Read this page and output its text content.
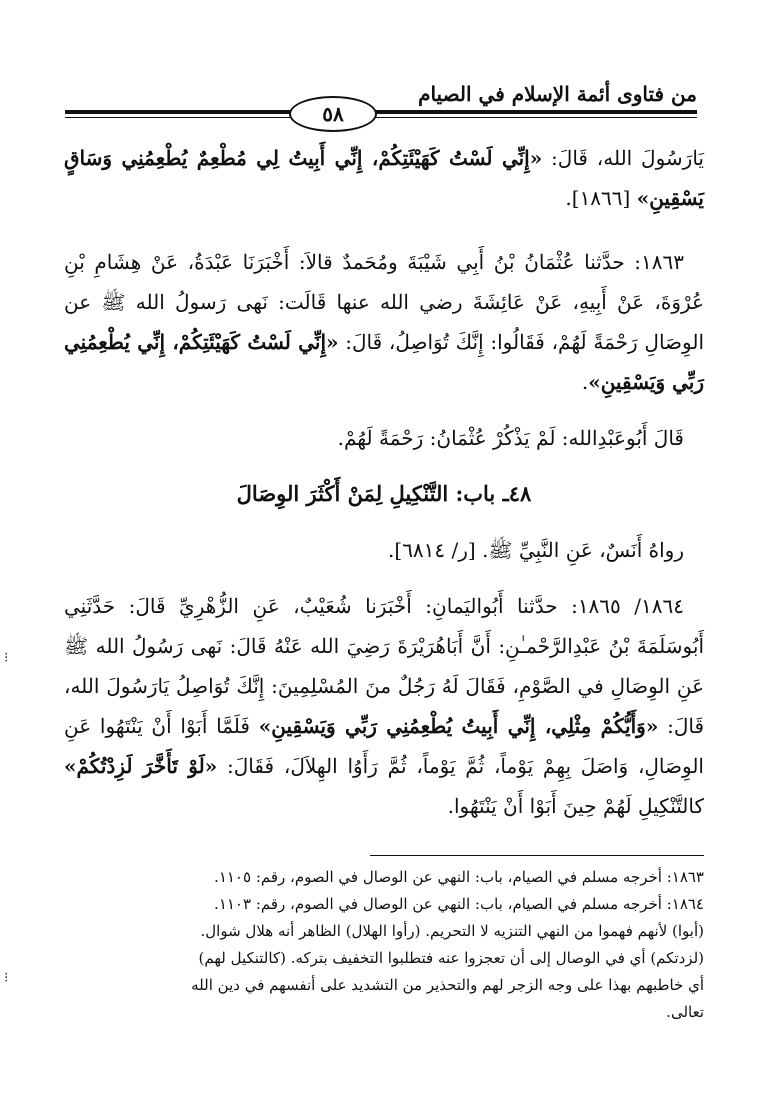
من فتاوى أئمة الإسلام في الصيام
٥٨

يَارَسُولَ الله، قَالَ: «إِنِّي لَسْتُ كَهَيْئَتِكُمْ، إِنِّي أَبِيتُ لِي مُطْعِمٌ يُطْعِمُنِي وَسَاقٍ يَسْقِينِ» [١٨٦٦].

١٨٦٣: حدَّثنا عُثْمَانُ بْنُ أَبِي شَيْبَةَ ومُحَمدٌ قالاَ: أَخْبَرَنَا عَبْدَةُ، عَنْ هِشَامِ بْنِ عُرْوَةَ، عَنْ أَبِيهِ، عَنْ عَائِشَةَ رضي الله عنها قَالَت: نَهى رَسولُ الله ﷺ عن الوِصَالِ رَحْمَةً لَهُمْ، فَقَالُوا: إِنَّكَ تُوَاصِلُ، قَالَ: «إِنِّي لَسْتُ كَهَيْئَتِكُمْ، إِنِّي يُطْعِمُنِي رَبِّي وَيَسْقِينِ».

قَالَ أَبُوعَبْدِالله: لَمْ يَذْكُرْ عُثْمَانُ: رَحْمَةً لَهُمْ.

٤٨ـ باب: التَّنْكِيلِ لِمَنْ أَكْثَرَ الوِصَالَ

رواهُ أَنَسٌ، عَنِ النَّبِيِّ ﷺ. [ر/ ٦٨١٤].

١٨٦٤/ ١٨٦٥: حدَّثنا أَبُواليَمانِ: أَخْبَرَنا شُعَيْبٌ، عَنِ الزُّهْرِيِّ قَالَ: حَدَّثَنِي أَبُوسَلَمَةَ بْنُ عَبْدِالرَّحْمـٰنِ: أَنَّ أَبَاهُرَيْرَةَ رَضِيَ الله عَنْهُ قَالَ: نَهى رَسُولُ الله ﷺ عَنِ الوِصَالِ في الصَّوْمِ، فَقَالَ لَهُ رَجُلٌ منَ المُسْلِمِينَ: إِنَّكَ تُوَاصِلُ يَارَسُولَ الله، قَالَ: «وَأَيُّكُمْ مِثْلِي، إِنِّي أَبِيتُ يُطْعِمُنِي رَبِّي وَيَسْقِينِ» فَلَمَّا أَبَوْا أَنْ يَنْتَهُوا عَنِ الوِصَالِ، وَاصَلَ بِهِمْ يَوْماً، ثُمَّ يَوْماً، ثُمَّ رَأَوُا الهِلاَلَ، فَقَالَ: «لَوْ تَأَخَّرَ لَزِدْتُكُمْ» كالتَّنْكِيلِ لَهُمْ حِينَ أَبَوْا أَنْ يَنْتَهُوا.

١٨٦٣: أخرجه مسلم في الصيام، باب: النهي عن الوصال في الصوم، رقم: ١١٠٥.

١٨٦٤: أخرجه مسلم في الصيام، باب: النهي عن الوصال في الصوم، رقم: ١١٠٣.

(أبوا) لأنهم فهموا من النهي التنزيه لا التحريم. (رأوا الهلال) الظاهر أنه هلال شوال.

(لزدتكم) أي في الوصال إلى أن تعجزوا عنه فتطلبوا التخفيف بتركه. (كالتنكيل لهم)

أي خاطبهم بهذا على وجه الزجر لهم والتحذير من التشديد على أنفسهم في دين الله

تعالى.

⁝
⁝
